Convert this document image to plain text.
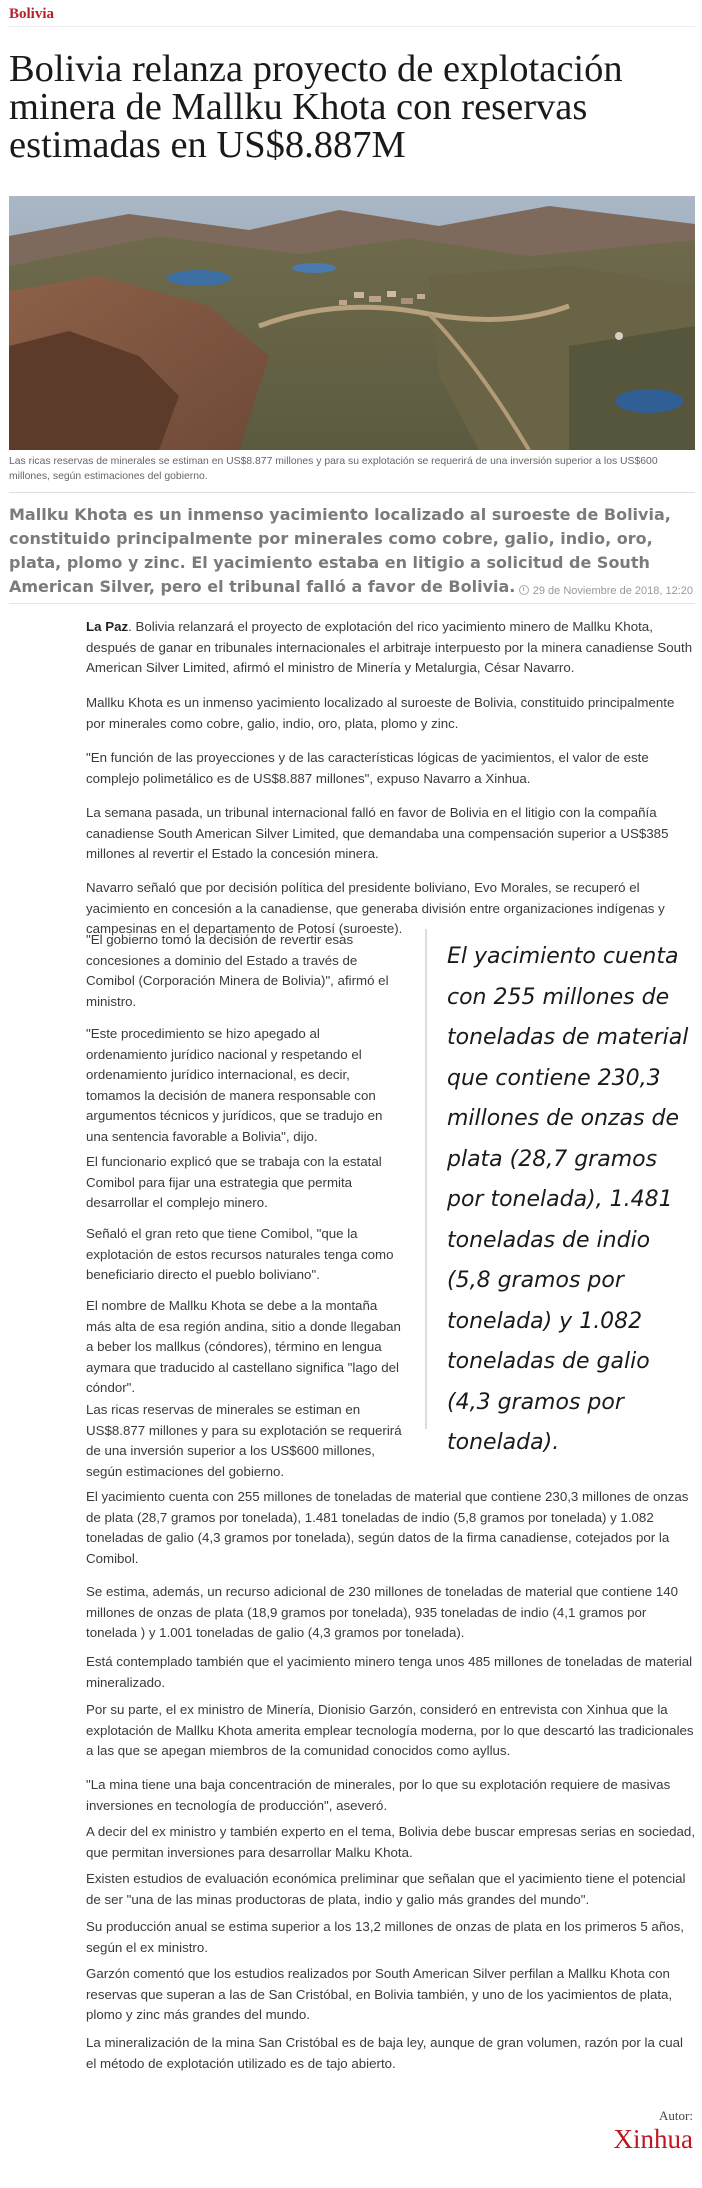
Bolivia
Bolivia relanza proyecto de explotación minera de Mallku Khota con reservas estimadas en US$8.887M

Las ricas reservas de minerales se estiman en US$8.877 millones y para su explotación se requerirá de una inversión superior a los US$600 millones, según estimaciones del gobierno.

Mallku Khota es un inmenso yacimiento localizado al suroeste de Bolivia, constituido principalmente por minerales como cobre, galio, indio, oro, plata, plomo y zinc. El yacimiento estaba en litigio a solicitud de South American Silver, pero el tribunal falló a favor de Bolivia.	29 de Noviembre de 2018, 12:20

La Paz. Bolivia relanzará el proyecto de explotación del rico yacimiento minero de Mallku Khota, después de ganar en tribunales internacionales el arbitraje interpuesto por la minera canadiense South American Silver Limited, afirmó el ministro de Minería y Metalurgia, César Navarro.

Mallku Khota es un inmenso yacimiento localizado al suroeste de Bolivia, constituido principalmente por minerales como cobre, galio, indio, oro, plata, plomo y zinc.

"En función de las proyecciones y de las características lógicas de yacimientos, el valor de este complejo polimetálico es de US$8.887 millones", expuso Navarro a Xinhua.

La semana pasada, un tribunal internacional falló en favor de Bolivia en el litigio con la compañía canadiense South American Silver Limited, que demandaba una compensación superior a US$385 millones al revertir el Estado la concesión minera.

Navarro señaló que por decisión política del presidente boliviano, Evo Morales, se recuperó el yacimiento en concesión a la canadiense, que generaba división entre organizaciones indígenas y campesinas en el departamento de Potosí (suroeste).

"El gobierno tomó la decisión de revertir esas concesiones a dominio del Estado a través de Comibol (Corporación Minera de Bolivia)", afirmó el ministro.

"Este procedimiento se hizo apegado al ordenamiento jurídico nacional y respetando el ordenamiento jurídico internacional, es decir, tomamos la decisión de manera responsable con argumentos técnicos y jurídicos, que se tradujo en una sentencia favorable a Bolivia", dijo.

El funcionario explicó que se trabaja con la estatal Comibol para fijar una estrategia que permita desarrollar el complejo minero.

Señaló el gran reto que tiene Comibol, "que la explotación de estos recursos naturales tenga como beneficiario directo el pueblo boliviano".

El nombre de Mallku Khota se debe a la montaña más alta de esa región andina, sitio a donde llegaban a beber los mallkus (cóndores), término en lengua aymara que traducido al castellano significa "lago del cóndor".

Las ricas reservas de minerales se estiman en US$8.877 millones y para su explotación se requerirá de una inversión superior a los US$600 millones, según estimaciones del gobierno.

El yacimiento cuenta con 255 millones de toneladas de material que contiene 230,3 millones de onzas de plata (28,7 gramos por tonelada), 1.481 toneladas de indio (5,8 gramos por tonelada) y 1.082 toneladas de galio (4,3 gramos por tonelada).

El yacimiento cuenta con 255 millones de toneladas de material que contiene 230,3 millones de onzas de plata (28,7 gramos por tonelada), 1.481 toneladas de indio (5,8 gramos por tonelada) y 1.082 toneladas de galio (4,3 gramos por tonelada), según datos de la firma canadiense, cotejados por la Comibol.

Se estima, además, un recurso adicional de 230 millones de toneladas de material que contiene 140 millones de onzas de plata (18,9 gramos por tonelada), 935 toneladas de indio (4,1 gramos por tonelada ) y 1.001 toneladas de galio (4,3 gramos por tonelada).

Está contemplado también que el yacimiento minero tenga unos 485 millones de toneladas de material mineralizado.

Por su parte, el ex ministro de Minería, Dionisio Garzón, consideró en entrevista con Xinhua que la explotación de Mallku Khota amerita emplear tecnología moderna, por lo que descartó las tradicionales a las que se apegan miembros de la comunidad conocidos como ayllus.

"La mina tiene una baja concentración de minerales, por lo que su explotación requiere de masivas inversiones en tecnología de producción", aseveró.

A decir del ex ministro y también experto en el tema, Bolivia debe buscar empresas serias en sociedad, que permitan inversiones para desarrollar Malku Khota.

Existen estudios de evaluación económica preliminar que señalan que el yacimiento tiene el potencial de ser "una de las minas productoras de plata, indio y galio más grandes del mundo".

Su producción anual se estima superior a los 13,2 millones de onzas de plata en los primeros 5 años, según el ex ministro.

Garzón comentó que los estudios realizados por South American Silver perfilan a Mallku Khota con reservas que superan a las de San Cristóbal, en Bolivia también, y uno de los yacimientos de plata, plomo y zinc más grandes del mundo.

La mineralización de la mina San Cristóbal es de baja ley, aunque de gran volumen, razón por la cual el método de explotación utilizado es de tajo abierto.

Autor:
Xinhua
